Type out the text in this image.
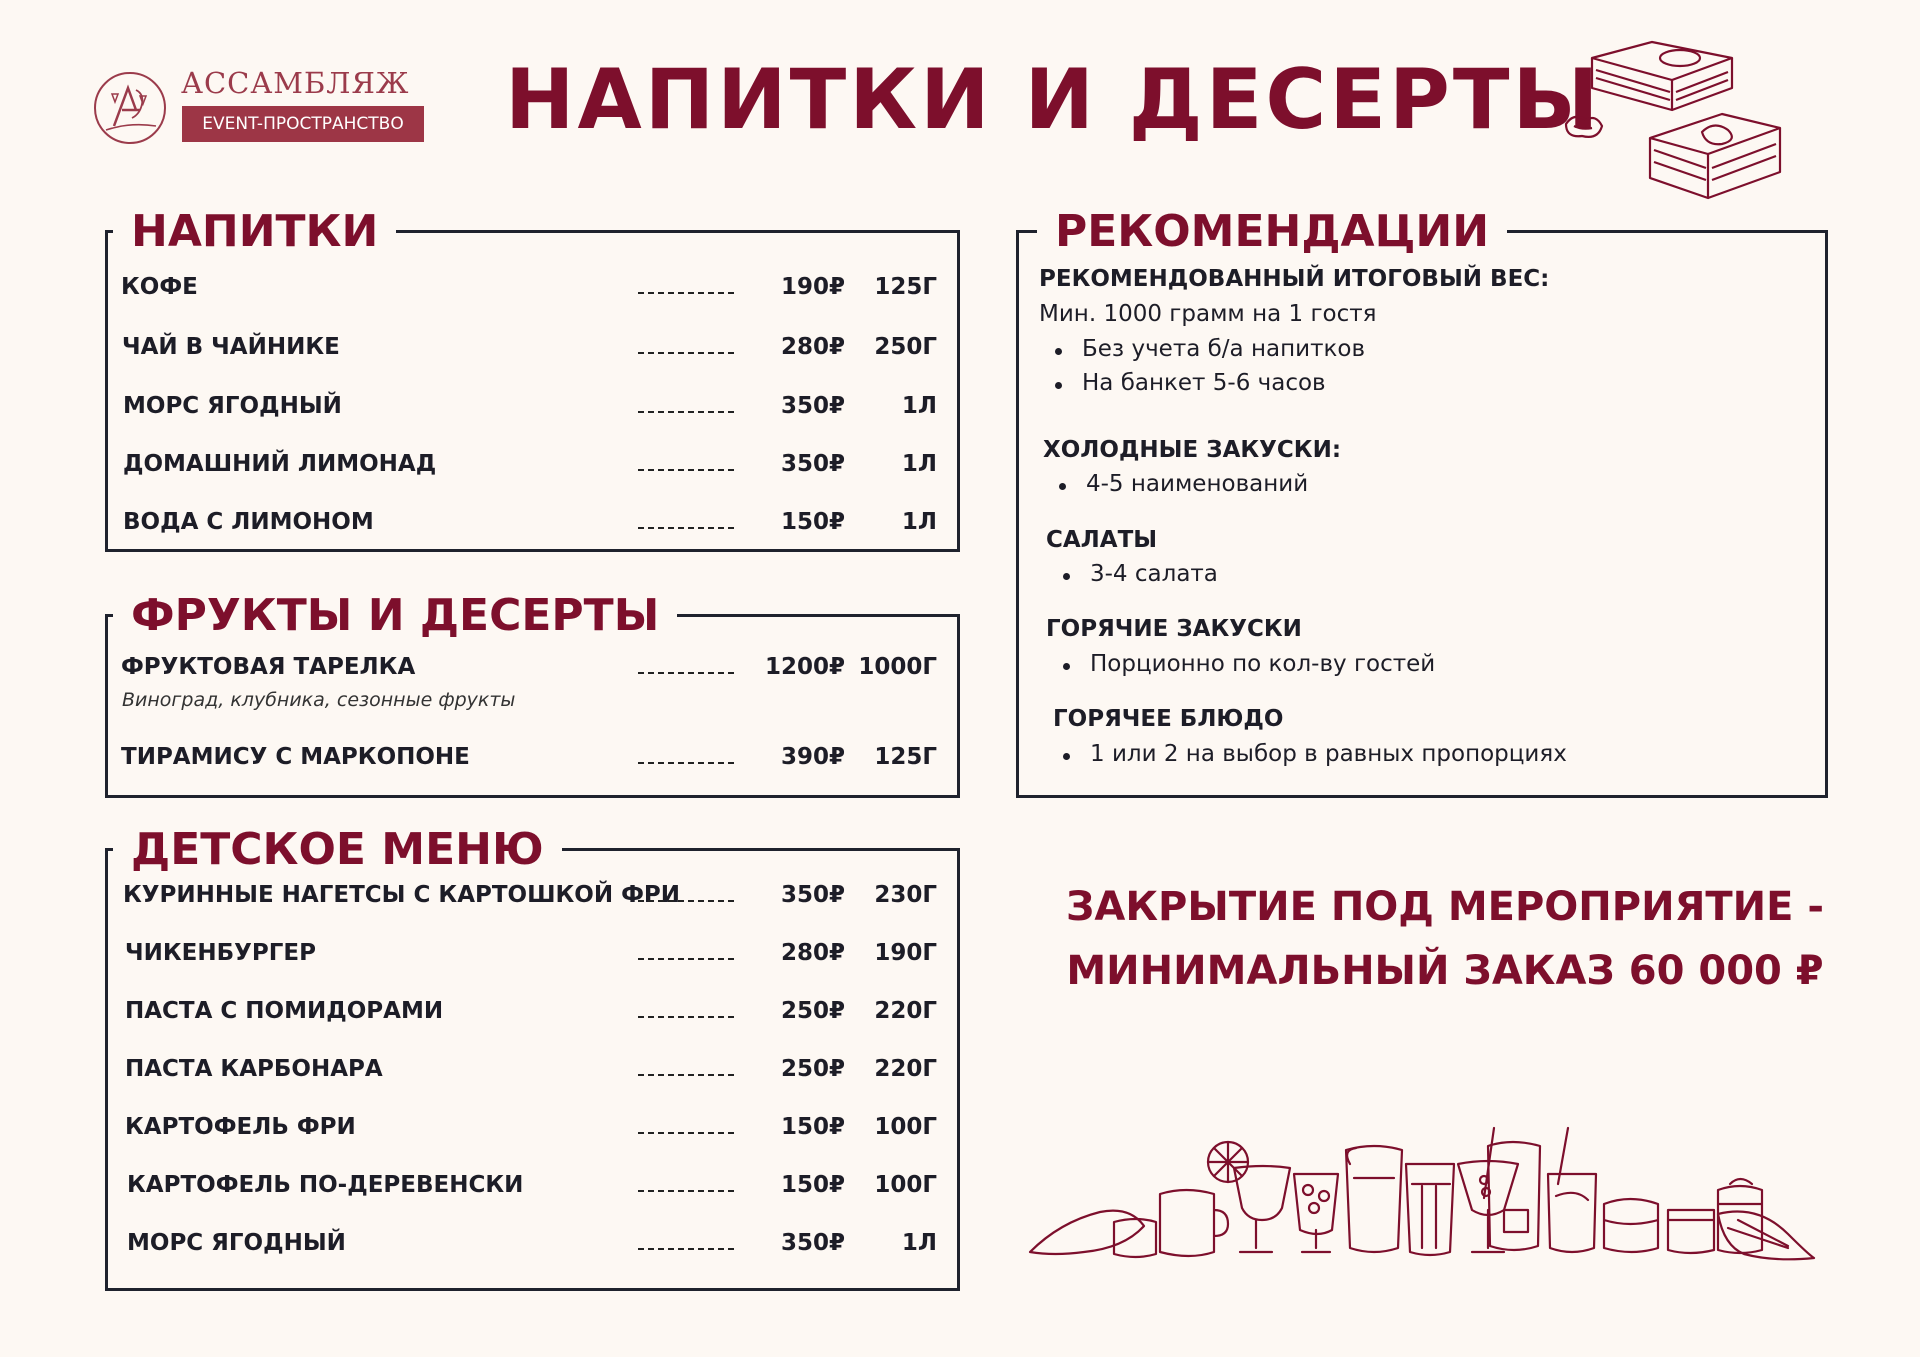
АССАМБЛЯЖ
EVENT-ПРОСТРАНСТВО НАПИТКИ И ДЕСЕРТЫ
НАПИТКИ
КОФЕ	190₽ 125Г
ЧАЙ В ЧАЙНИКЕ	280₽ 250Г
МОРС ЯГОДНЫЙ	350₽ 1Л
ДОМАШНИЙ ЛИМОНАД	350₽ 1Л
ВОДА С ЛИМОНОМ	150₽ 1Л
ФРУКТЫ И ДЕСЕРТЫ
ФРУКТОВАЯ ТАРЕЛКА	1200₽ 1000Г
Виноград, клубника, сезонные фрукты
ТИРАМИСУ С МАРКОПОНЕ	390₽ 125Г
ДЕТСКОЕ МЕНЮ
КУРИННЫЕ НАГЕТСЫ С КАРТОШКОЙ ФРИ	350₽ 230Г
ЧИКЕНБУРГЕР	280₽ 190Г
ПАСТА С ПОМИДОРАМИ	250₽ 220Г
ПАСТА КАРБОНАРА	250₽ 220Г
КАРТОФЕЛЬ ФРИ	150₽ 100Г
КАРТОФЕЛЬ ПО-ДЕРЕВЕНСКИ	150₽ 100Г
МОРС ЯГОДНЫЙ	350₽ 1Л
РЕКОМЕНДАЦИИ
РЕКОМЕНДОВАННЫЙ ИТОГОВЫЙ ВЕС:
Мин. 1000 грамм на 1 гостя
Без учета б/а напитков
На банкет 5-6 часов
ХОЛОДНЫЕ ЗАКУСКИ:
4-5 наименований
САЛАТЫ
3-4 салата
ГОРЯЧИЕ ЗАКУСКИ
Порционно по кол-ву гостей
ГОРЯЧЕЕ БЛЮДО
1 или 2 на выбор в равных пропорциях
ЗАКРЫТИЕ ПОД МЕРОПРИЯТИЕ -
МИНИМАЛЬНЫЙ ЗАКАЗ 60 000 ₽
